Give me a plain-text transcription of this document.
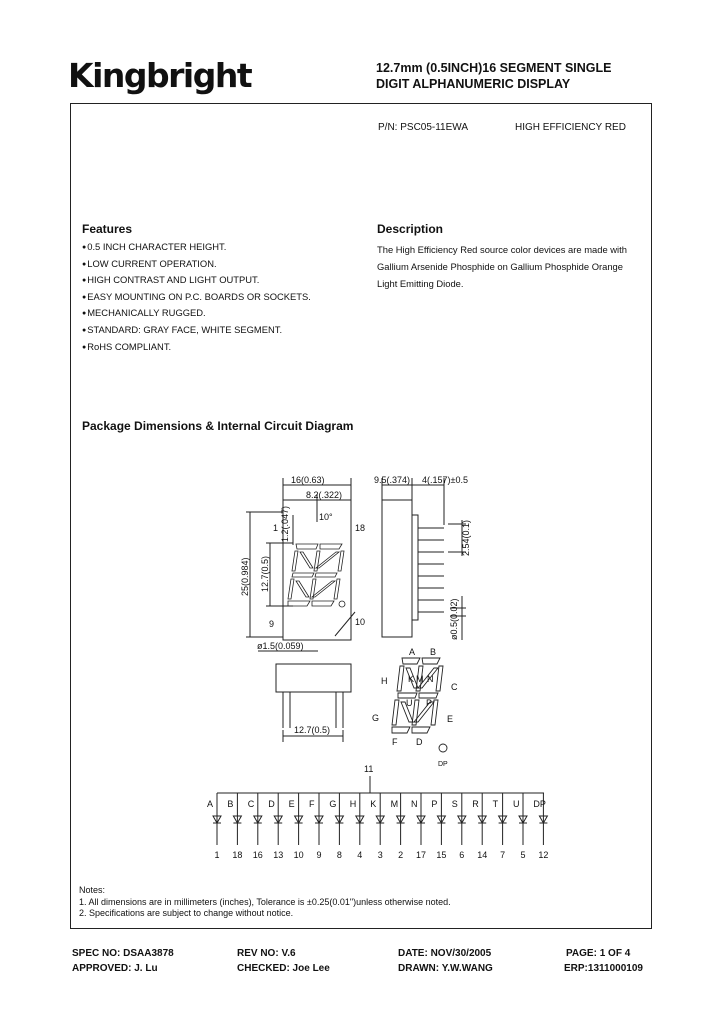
Kingbright	12.7mm (0.5INCH)16 SEGMENT SINGLE
DIGIT ALPHANUMERIC DISPLAY
P/N: PSC05-11EWA	HIGH EFFICIENCY RED
Features
● 0.5 INCH CHARACTER HEIGHT.
● LOW CURRENT OPERATION.
● HIGH CONTRAST AND LIGHT OUTPUT.
● EASY MOUNTING ON P.C. BOARDS OR SOCKETS.
● MECHANICALLY RUGGED.
● STANDARD: GRAY FACE, WHITE SEGMENT.
● RoHS COMPLIANT.
Description
The High Efficiency Red source color devices are made with
Gallium Arsenide Phosphide on Gallium Phosphide Orange
Light Emitting Diode.
Package Dimensions & Internal Circuit Diagram
16(0.63)
8.2(.322)
10°
1.2(.047)
25(0.984) 12.7(0.5)
1	18
9	10
ø1.5(0.059)
12.7(0.5)
9.5(.374) 4(.157)±0.5
2.54(0.1)
ø0.5(0.02)
A B
C
D
F
E
G
H K M N
U P
DP
11
A
1
B
18
C
16
D
13
E
10
F
9
G
8
H
4
K
3
M
2
N
17
P
15
S
6
R
14
T
7
U
5
DP
12
Notes:
1. All dimensions are in millimeters (inches), Tolerance is ±0.25(0.01")unless otherwise noted.
2. Specifications are subject to change without notice.
SPEC NO: DSAA3878	REV NO: V.6	DATE: NOV/30/2005	PAGE: 1 OF 4
APPROVED: J. Lu	CHECKED: Joe Lee	DRAWN: Y.W.WANG	ERP:1311000109
